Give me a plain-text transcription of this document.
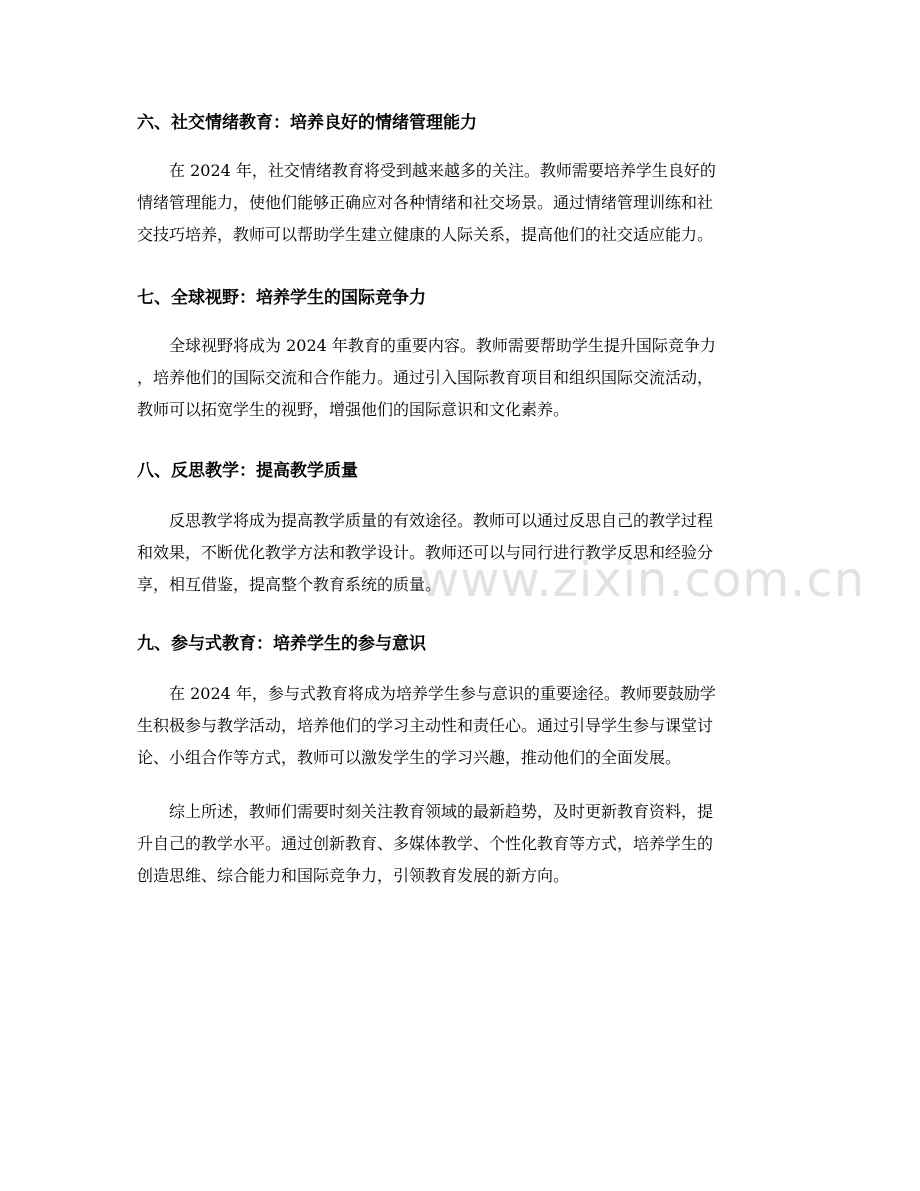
www.zixin.com.cn
六、社交情绪教育：培养良好的情绪管理能力
在 2024 年，社交情绪教育将受到越来越多的关注。教师需要培养学生良好的
情绪管理能力，使他们能够正确应对各种情绪和社交场景。通过情绪管理训练和社
交技巧培养，教师可以帮助学生建立健康的人际关系，提高他们的社交适应能力。
七、全球视野：培养学生的国际竞争力
全球视野将成为 2024 年教育的重要内容。教师需要帮助学生提升国际竞争力
，培养他们的国际交流和合作能力。通过引入国际教育项目和组织国际交流活动，
教师可以拓宽学生的视野，增强他们的国际意识和文化素养。
八、反思教学：提高教学质量
反思教学将成为提高教学质量的有效途径。教师可以通过反思自己的教学过程
和效果，不断优化教学方法和教学设计。教师还可以与同行进行教学反思和经验分
享，相互借鉴，提高整个教育系统的质量。
九、参与式教育：培养学生的参与意识
在 2024 年，参与式教育将成为培养学生参与意识的重要途径。教师要鼓励学
生积极参与教学活动，培养他们的学习主动性和责任心。通过引导学生参与课堂讨
论、小组合作等方式，教师可以激发学生的学习兴趣，推动他们的全面发展。
综上所述，教师们需要时刻关注教育领域的最新趋势，及时更新教育资料，提
升自己的教学水平。通过创新教育、多媒体教学、个性化教育等方式，培养学生的
创造思维、综合能力和国际竞争力，引领教育发展的新方向。
